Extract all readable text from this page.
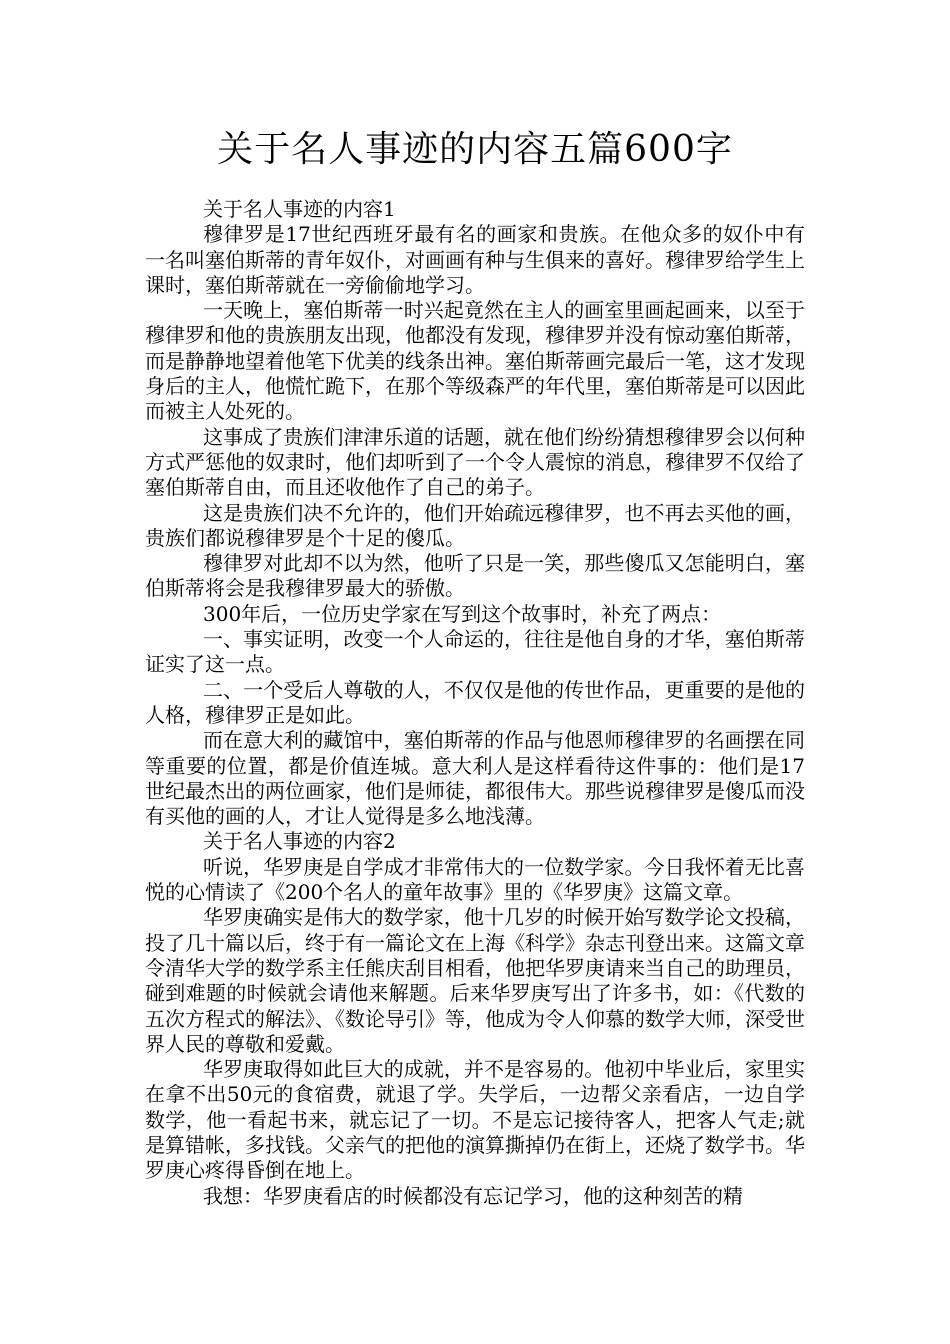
关于名人事迹的内容五篇600字

关于名人事迹的内容1

穆律罗是17世纪西班牙最有名的画家和贵族。在他众多的奴仆中有一名叫塞伯斯蒂的青年奴仆，对画画有种与生俱来的喜好。穆律罗给学生上课时，塞伯斯蒂就在一旁偷偷地学习。

一天晚上，塞伯斯蒂一时兴起竟然在主人的画室里画起画来，以至于穆律罗和他的贵族朋友出现，他都没有发现，穆律罗并没有惊动塞伯斯蒂，而是静静地望着他笔下优美的线条出神。塞伯斯蒂画完最后一笔，这才发现身后的主人，他慌忙跪下，在那个等级森严的年代里，塞伯斯蒂是可以因此而被主人处死的。

这事成了贵族们津津乐道的话题，就在他们纷纷猜想穆律罗会以何种方式严惩他的奴隶时，他们却听到了一个令人震惊的消息，穆律罗不仅给了塞伯斯蒂自由，而且还收他作了自己的弟子。

这是贵族们决不允许的，他们开始疏远穆律罗，也不再去买他的画，贵族们都说穆律罗是个十足的傻瓜。

穆律罗对此却不以为然，他听了只是一笑，那些傻瓜又怎能明白，塞伯斯蒂将会是我穆律罗最大的骄傲。

300年后，一位历史学家在写到这个故事时，补充了两点：

一、事实证明，改变一个人命运的，往往是他自身的才华，塞伯斯蒂证实了这一点。

二、一个受后人尊敬的人，不仅仅是他的传世作品，更重要的是他的人格，穆律罗正是如此。

而在意大利的藏馆中，塞伯斯蒂的作品与他恩师穆律罗的名画摆在同等重要的位置，都是价值连城。意大利人是这样看待这件事的：他们是17世纪最杰出的两位画家，他们是师徒，都很伟大。那些说穆律罗是傻瓜而没有买他的画的人，才让人觉得是多么地浅薄。

关于名人事迹的内容2

听说，华罗庚是自学成才非常伟大的一位数学家。今日我怀着无比喜悦的心情读了《200个名人的童年故事》里的《华罗庚》这篇文章。

华罗庚确实是伟大的数学家，他十几岁的时候开始写数学论文投稿，投了几十篇以后，终于有一篇论文在上海《科学》杂志刊登出来。这篇文章令清华大学的数学系主任熊庆刮目相看，他把华罗庚请来当自己的助理员，碰到难题的时候就会请他来解题。后来华罗庚写出了许多书，如：《代数的五次方程式的解法》、《数论导引》等，他成为令人仰慕的数学大师，深受世界人民的尊敬和爱戴。

华罗庚取得如此巨大的成就，并不是容易的。他初中毕业后，家里实在拿不出50元的食宿费，就退了学。失学后，一边帮父亲看店，一边自学数学，他一看起书来，就忘记了一切。不是忘记接待客人，把客人气走;就是算错帐，多找钱。父亲气的把他的演算撕掉仍在街上，还烧了数学书。华罗庚心疼得昏倒在地上。

我想：华罗庚看店的时候都没有忘记学习，他的这种刻苦的精
